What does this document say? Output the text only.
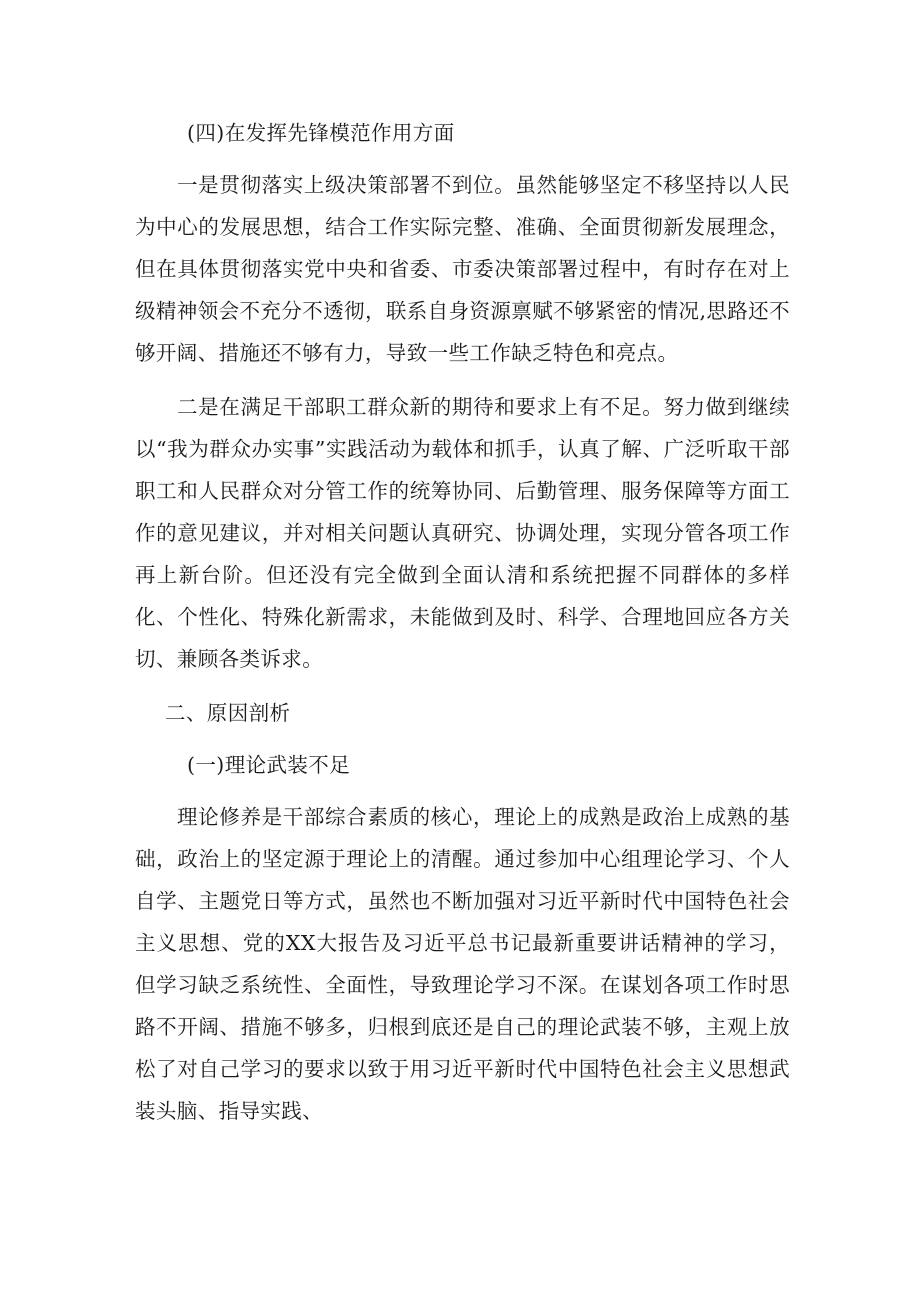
(四)在发挥先锋模范作用方面

一是贯彻落实上级决策部署不到位。虽然能够坚定不移坚持以人民为中心的发展思想，结合工作实际完整、准确、全面贯彻新发展理念，但在具体贯彻落实党中央和省委、市委决策部署过程中，有时存在对上级精神领会不充分不透彻，联系自身资源禀赋不够紧密的情况,思路还不够开阔、措施还不够有力，导致一些工作缺乏特色和亮点。

二是在满足干部职工群众新的期待和要求上有不足。努力做到继续以“我为群众办实事”实践活动为载体和抓手，认真了解、广泛听取干部职工和人民群众对分管工作的统筹协同、后勤管理、服务保障等方面工作的意见建议，并对相关问题认真研究、协调处理，实现分管各项工作再上新台阶。但还没有完全做到全面认清和系统把握不同群体的多样化、个性化、特殊化新需求，未能做到及时、科学、合理地回应各方关切、兼顾各类诉求。

二、原因剖析

(一)理论武装不足

理论修养是干部综合素质的核心，理论上的成熟是政治上成熟的基础，政治上的坚定源于理论上的清醒。通过参加中心组理论学习、个人自学、主题党日等方式，虽然也不断加强对习近平新时代中国特色社会主义思想、党的XX大报告及习近平总书记最新重要讲话精神的学习，但学习缺乏系统性、全面性，导致理论学习不深。在谋划各项工作时思路不开阔、措施不够多，归根到底还是自己的理论武装不够，主观上放松了对自己学习的要求以致于用习近平新时代中国特色社会主义思想武装头脑、指导实践、
